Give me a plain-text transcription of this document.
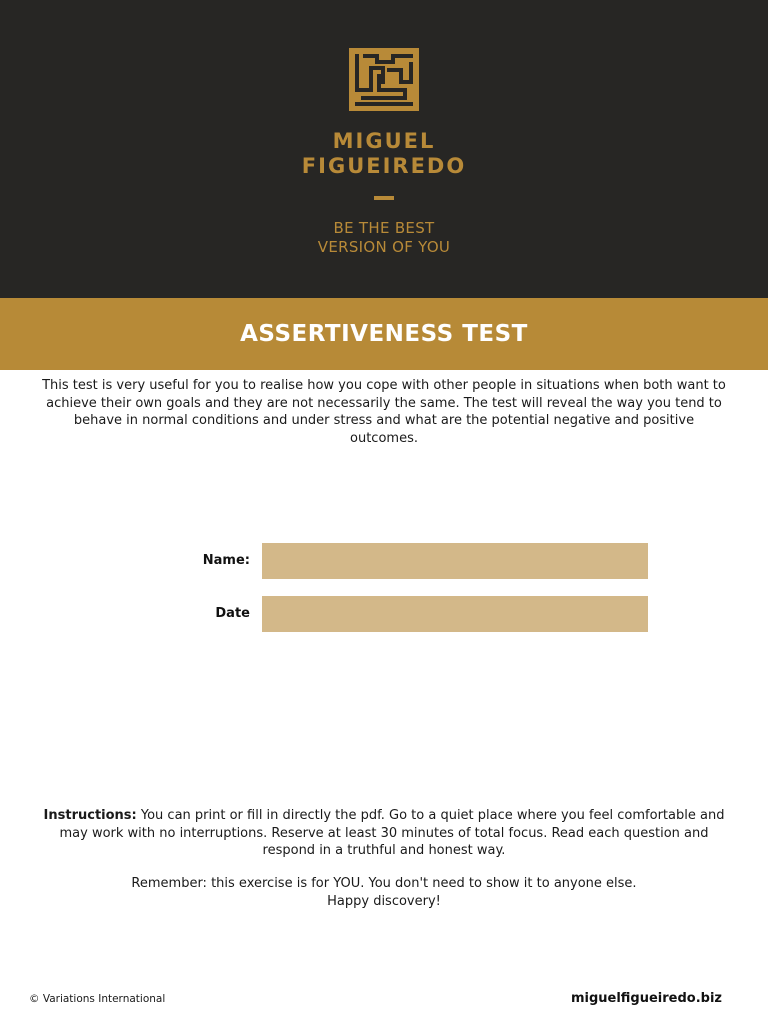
MIGUEL

FIGUEIREDO

BE THE BEST
VERSION OF YOU
ASSERTIVENESS TEST

This test is very useful for you to realise how you cope with other people in situations when both want to achieve their own goals and they are not necessarily the same. The test will reveal the way you tend to behave in normal conditions and under stress and what are the potential negative and positive outcomes.

Name:
Date

Instructions: You can print or fill in directly the pdf. Go to a quiet place where you feel comfortable and may work with no interruptions. Reserve at least 30 minutes of total focus. Read each question and respond in a truthful and honest way.

Remember: this exercise is for YOU. You don't need to show it to anyone else.
Happy discovery!

© Variations International	miguelfigueiredo.biz
